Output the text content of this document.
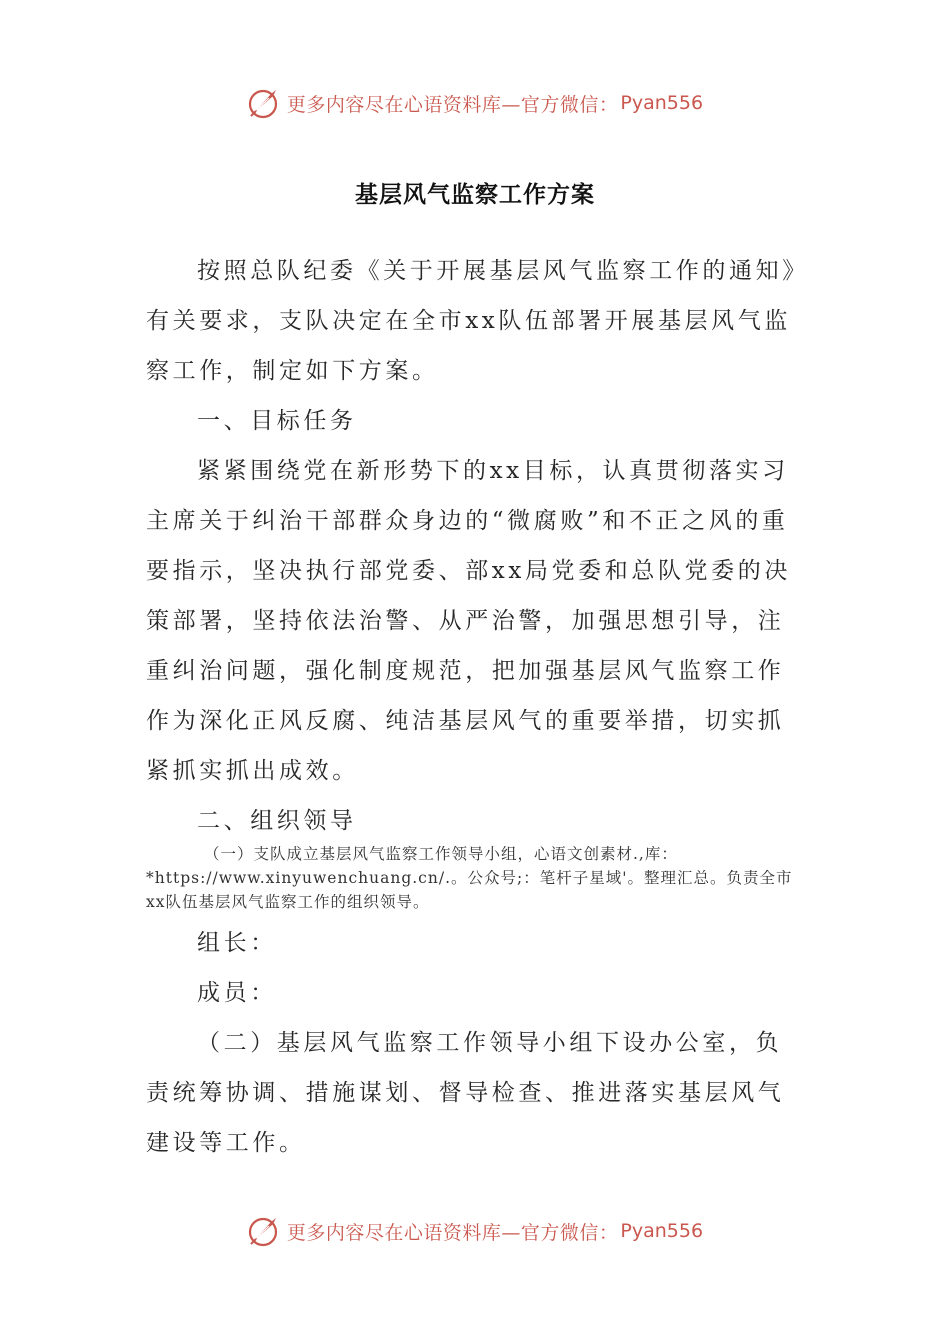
更多内容尽在心语资料库—官方微信： Pyan556
基层风气监察工作方案

按照总队纪委《关于开展基层风气监察工作的通知》有关要求，支队决定在全市xx队伍部署开展基层风气监察工作，制定如下方案。

一、目标任务

紧紧围绕党在新形势下的xx目标，认真贯彻落实习主席关于纠治干部群众身边的“微腐败”和不正之风的重要指示，坚决执行部党委、部xx局党委和总队党委的决策部署，坚持依法治警、从严治警，加强思想引导，注重纠治问题，强化制度规范，把加强基层风气监察工作作为深化正风反腐、纯洁基层风气的重要举措，切实抓紧抓实抓出成效。

二、组织领导

（一）支队成立基层风气监察工作领导小组，心语文创素材.,库：
*https://www.xinyuwenchuang.cn/.。公众号;：笔杆子星域'。整理汇总。负责全市xx队伍基层风气监察工作的组织领导。

组长：

成员：

（二）基层风气监察工作领导小组下设办公室，负责统筹协调、措施谋划、督导检查、推进落实基层风气建设等工作。

更多内容尽在心语资料库—官方微信： Pyan556
